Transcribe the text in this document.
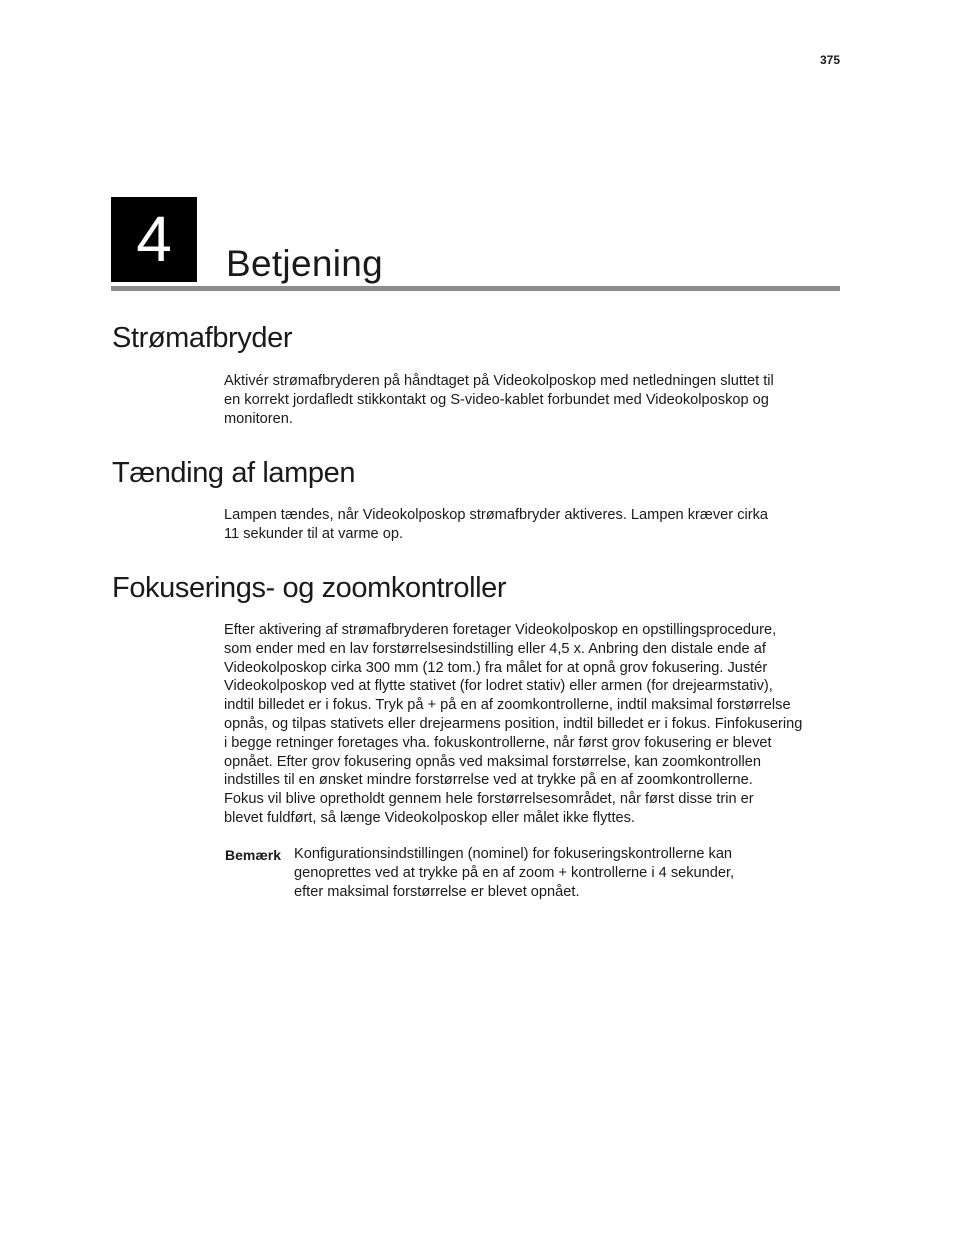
375
4	Betjening
Strømafbryder
Aktivér strømafbryderen på håndtaget på Videokolposkop med netledningen sluttet til
en korrekt jordafledt stikkontakt og S-video-kablet forbundet med Videokolposkop og
monitoren.
Tænding af lampen
Lampen tændes, når Videokolposkop strømafbryder aktiveres. Lampen kræver cirka
11 sekunder til at varme op.
Fokuserings- og zoomkontroller
Efter aktivering af strømafbryderen foretager Videokolposkop en opstillingsprocedure,
som ender med en lav forstørrelsesindstilling eller 4,5 x. Anbring den distale ende af
Videokolposkop cirka 300 mm (12 tom.) fra målet for at opnå grov fokusering. Justér
Videokolposkop ved at flytte stativet (for lodret stativ) eller armen (for drejearmstativ),
indtil billedet er i fokus. Tryk på + på en af zoomkontrollerne, indtil maksimal forstørrelse
opnås, og tilpas stativets eller drejearmens position, indtil billedet er i fokus. Finfokusering
i begge retninger foretages vha. fokuskontrollerne, når først grov fokusering er blevet
opnået. Efter grov fokusering opnås ved maksimal forstørrelse, kan zoomkontrollen
indstilles til en ønsket mindre forstørrelse ved at trykke på en af zoomkontrollerne.
Fokus vil blive opretholdt gennem hele forstørrelsesområdet, når først disse trin er
blevet fuldført, så længe Videokolposkop eller målet ikke flyttes.
Bemærk Konfigurationsindstillingen (nominel) for fokuseringskontrollerne kan
genoprettes ved at trykke på en af zoom + kontrollerne i 4 sekunder,
efter maksimal forstørrelse er blevet opnået.
